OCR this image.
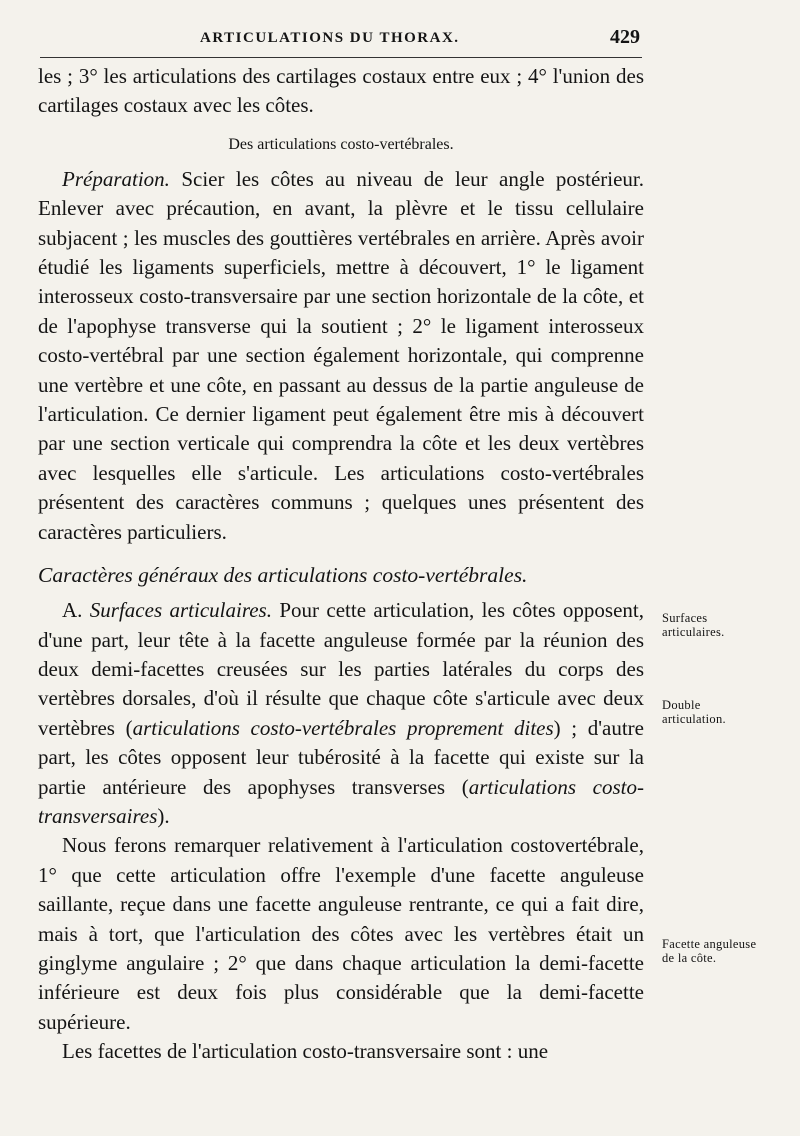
ARTICULATIONS DU THORAX.	429

les ; 3° les articulations des cartilages costaux entre eux ; 4° l'union des cartilages costaux avec les côtes.

Des articulations costo-vertébrales.

Préparation. Scier les côtes au niveau de leur angle postérieur. Enlever avec précaution, en avant, la plèvre et le tissu cellulaire subjacent ; les muscles des gouttières vertébrales en arrière. Après avoir étudié les ligaments superficiels, mettre à découvert, 1° le ligament interosseux costo-transversaire par une section horizontale de la côte, et de l'apophyse transverse qui la soutient ; 2° le ligament interosseux costo-vertébral par une section également horizontale, qui comprenne une vertèbre et une côte, en passant au dessus de la partie anguleuse de l'articulation. Ce dernier ligament peut également être mis à découvert par une section verticale qui comprendra la côte et les deux vertèbres avec lesquelles elle s'articule. Les articulations costo-vertébrales présentent des caractères communs ; quelques unes présentent des caractères particuliers.

Caractères généraux des articulations costo-vertébrales.

A. Surfaces articulaires. Pour cette articulation, les côtes opposent, d'une part, leur tête à la facette anguleuse formée par la réunion des deux demi-facettes creusées sur les parties latérales du corps des vertèbres dorsales, d'où il résulte que chaque côte s'articule avec deux vertèbres (articulations costo-vertébrales proprement dites) ; d'autre part, les côtes opposent leur tubérosité à la facette qui existe sur la partie antérieure des apophyses transverses (articulations costo-transversaires).

Nous ferons remarquer relativement à l'articulation costovertébrale, 1° que cette articulation offre l'exemple d'une facette anguleuse saillante, reçue dans une facette anguleuse rentrante, ce qui a fait dire, mais à tort, que l'articulation des côtes avec les vertèbres était un ginglyme angulaire ; 2° que dans chaque articulation la demi-facette inférieure est deux fois plus considérable que la demi-facette supérieure.

Les facettes de l'articulation costo-transversaire sont : une

Surfaces articulaires.
Double articulation.
Facette anguleuse de la côte.
